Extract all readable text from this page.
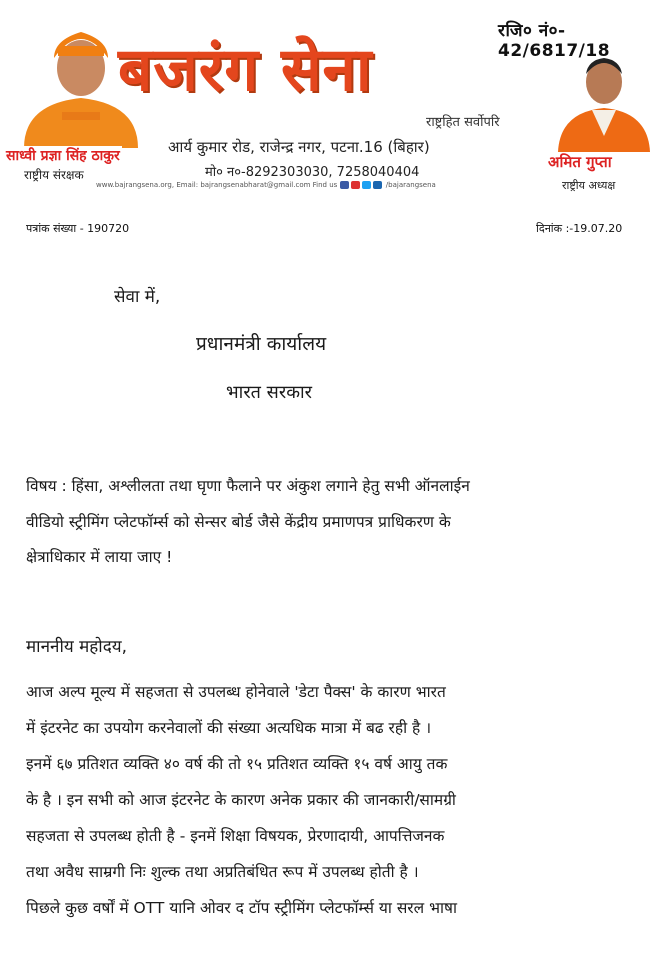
रजि० नं०- 42/6817/18
बजरंग सेना
राष्ट्रहित सर्वोपरि
आर्य कुमार रोड, राजेन्द्र नगर, पटना.16 (बिहार)
मो० न०-8292303030, 7258040404
www.bajrangsena.org, Email: bajrangsenabharat@gmail.com Find us	/bajarangsena
साध्वी प्रज्ञा सिंह ठाकुर
राष्ट्रीय संरक्षक
अमित गुप्ता
राष्ट्रीय अध्यक्ष
पत्रांक संख्या - 190720	दिनांक :-19.07.20
सेवा में,
प्रधानमंत्री कार्यालय
भारत सरकार
विषय : हिंसा, अश्लीलता तथा घृणा फैलाने पर अंकुश लगाने हेतु सभी ऑनलाईन
वीडियो स्ट्रीमिंग प्लेटफॉर्म्स को सेन्सर बोर्ड जैसे केंद्रीय प्रमाणपत्र प्राधिकरण के
क्षेत्राधिकार में लाया जाए !
माननीय महोदय,
आज अल्प मूल्य में सहजता से उपलब्ध होनेवाले 'डेटा पैक्स' के कारण भारत
में इंटरनेट का उपयोग करनेवालों की संख्या अत्यधिक मात्रा में बढ रही है ।
इनमें ६७ प्रतिशत व्यक्ति ४० वर्ष की तो १५ प्रतिशत व्यक्ति १५ वर्ष आयु तक
के है । इन सभी को आज इंटरनेट के कारण अनेक प्रकार की जानकारी/सामग्री
सहजता से उपलब्ध होती है - इनमें शिक्षा विषयक, प्रेरणादायी, आपत्तिजनक
तथा अवैध साम्रगी निः शुल्क तथा अप्रतिबंधित रूप में उपलब्ध होती है ।
पिछले कुछ वर्षों में OTT यानि ओवर द टॉप स्ट्रीमिंग प्लेटफॉर्म्स या सरल भाषा
